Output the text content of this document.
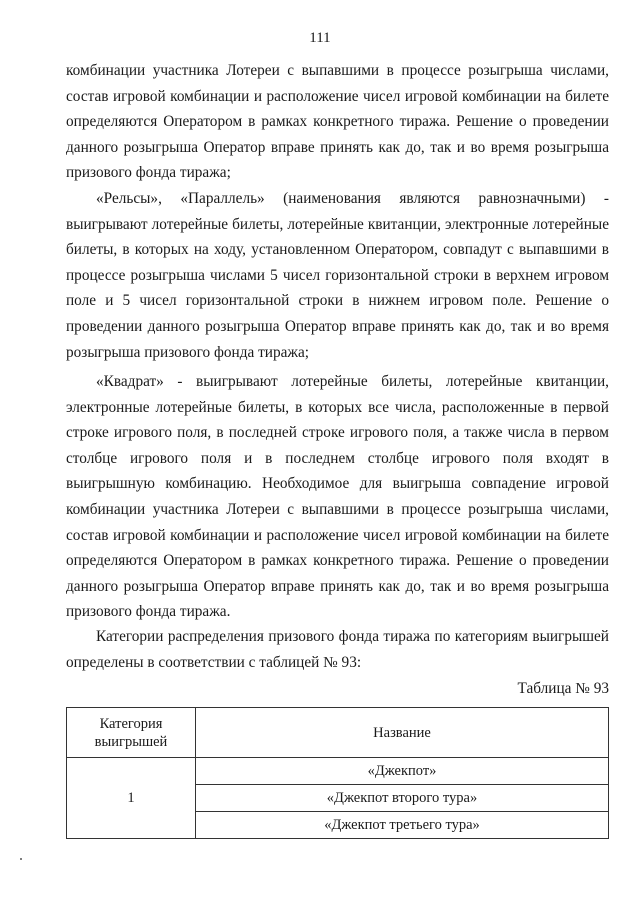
111

комбинации участника Лотереи с выпавшими в процессе розыгрыша числами, состав игровой комбинации и расположение чисел игровой комбинации на билете определяются Оператором в рамках конкретного тиража. Решение о проведении данного розыгрыша Оператор вправе принять как до, так и во время розыгрыша призового фонда тиража;

«Рельсы», «Параллель» (наименования являются равнозначными) - выигрывают лотерейные билеты, лотерейные квитанции, электронные лотерейные билеты, в которых на ходу, установленном Оператором, совпадут с выпавшими в процессе розыгрыша числами 5 чисел горизонтальной строки в верхнем игровом поле и 5 чисел горизонтальной строки в нижнем игровом поле. Решение о проведении данного розыгрыша Оператор вправе принять как до, так и во время розыгрыша призового фонда тиража;

«Квадрат» - выигрывают лотерейные билеты, лотерейные квитанции, электронные лотерейные билеты, в которых все числа, расположенные в первой строке игрового поля, в последней строке игрового поля, а также числа в первом столбце игрового поля и в последнем столбце игрового поля входят в выигрышную комбинацию. Необходимое для выигрыша совпадение игровой комбинации участника Лотереи с выпавшими в процессе розыгрыша числами, состав игровой комбинации и расположение чисел игровой комбинации на билете определяются Оператором в рамках конкретного тиража. Решение о проведении данного розыгрыша Оператор вправе принять как до, так и во время розыгрыша призового фонда тиража.

Категории распределения призового фонда тиража по категориям выигрышей определены в соответствии с таблицей № 93:

Таблица № 93
Категория
выигрышей	Название
1	«Джекпот»
	«Джекпот второго тура»
	«Джекпот третьего тура»
